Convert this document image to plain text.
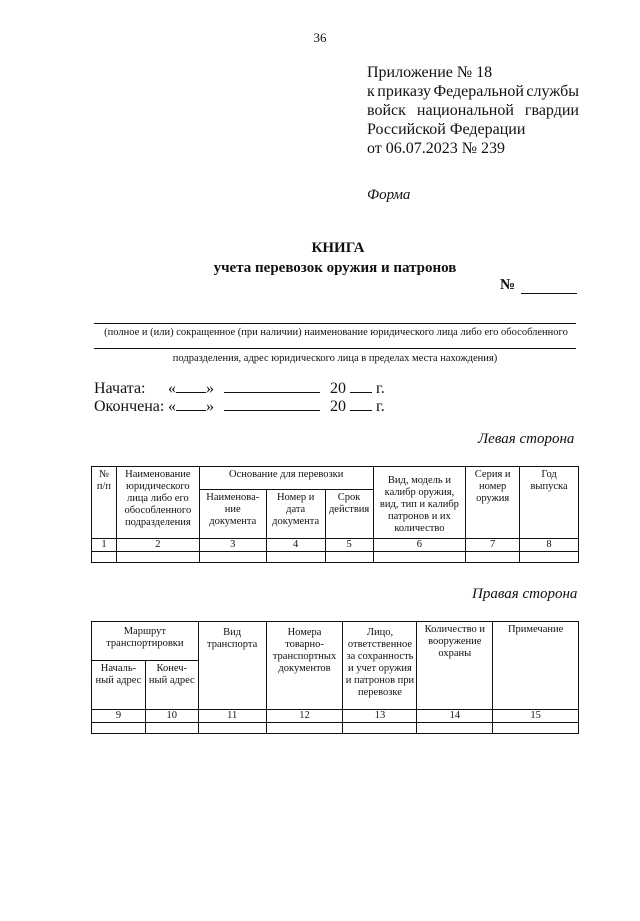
36
Приложение № 18
к приказу Федеральной службы
войск национальной гвардии
Российской Федерации
от 06.07.2023 № 239
Форма
КНИГА
учета перевозок оружия и патронов
№
(полное и (или) сокращенное (при наличии) наименование юридического лица либо его обособленного
подразделения, адрес юридического лица в пределах места нахождения)
Начата: « »	20 г.
Окончена: « »	20 г.
Левая сторона
№ п/п	Наименование юридического лица либо его обособленного подразделения	Основание для перевозки			Вид, модель и калибр оружия, вид, тип и калибр патронов и их количество	Серия и номер оружия	Год выпуска
		Наименова-ние документа	Номер и дата документа	Срок действия			
1	2	3	4	5	6	7	8

Правая сторона
Маршрут транспортировки		Вид транспорта	Номера товарно-транспортных документов	Лицо, ответственное за сохранность и учет оружия и патронов при перевозке	Количество и вооружение охраны	Примечание
Началь-ный адрес	Конеч-ный адрес					
9	10	11	12	13	14	15
